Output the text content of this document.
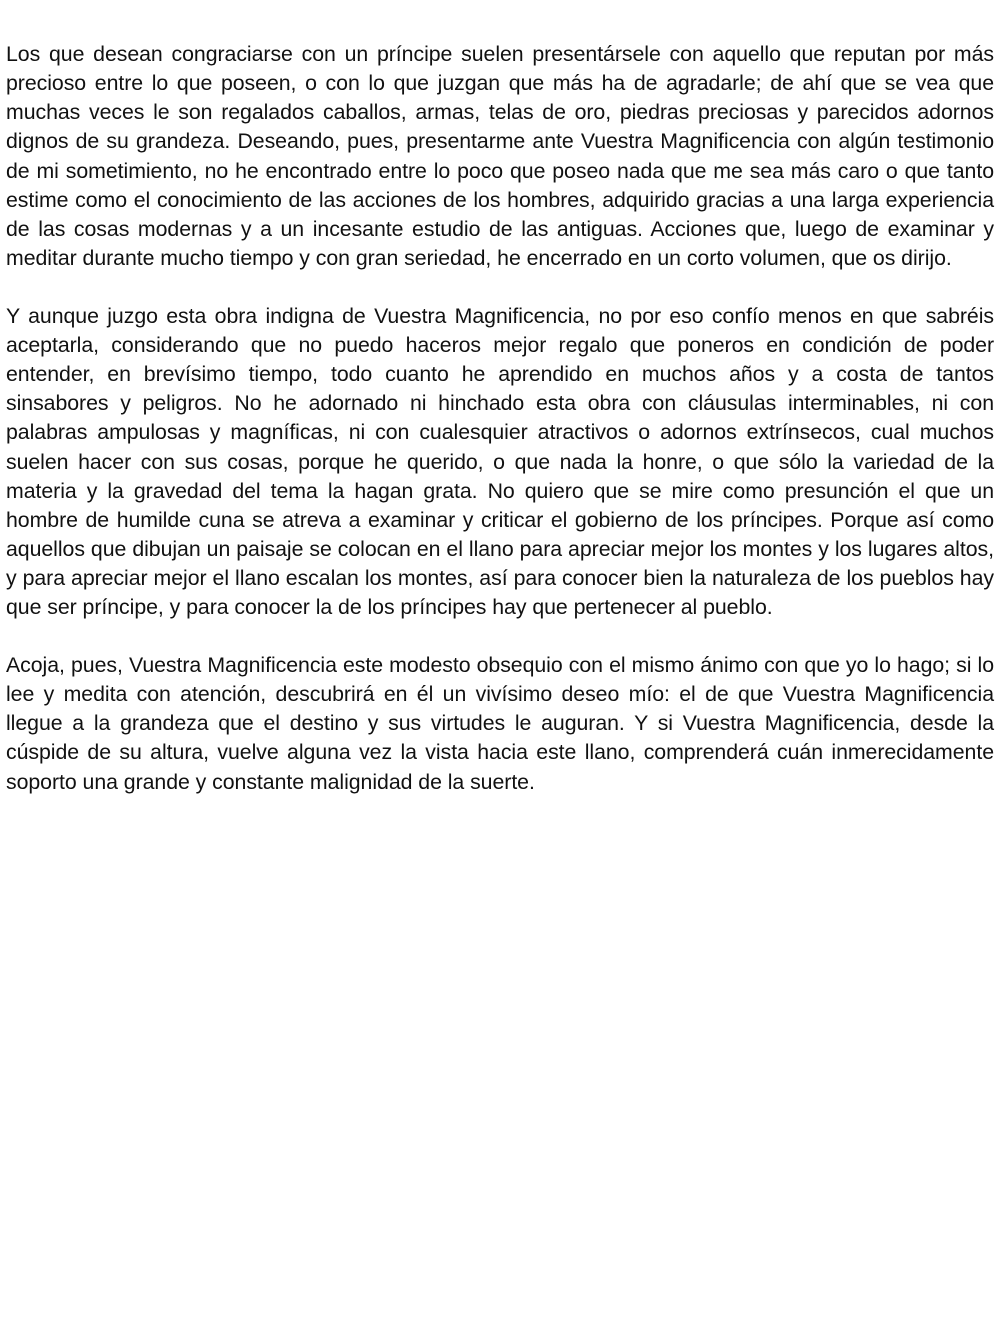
Los que desean congraciarse con un príncipe suelen presentársele con aquello que reputan por más precioso entre lo que poseen, o con lo que juzgan que más ha de agradarle; de ahí que se vea que muchas veces le son regalados caballos, armas, telas de oro, piedras preciosas y parecidos adornos dignos de su grandeza. Deseando, pues, presentarme ante Vuestra Magnificencia con algún testimonio de mi sometimiento, no he encontrado entre lo poco que poseo nada que me sea más caro o que tanto estime como el conocimiento de las acciones de los hombres, adquirido gracias a una larga experiencia de las cosas modernas y a un incesante estudio de las antiguas. Acciones que, luego de examinar y meditar durante mucho tiempo y con gran seriedad, he encerrado en un corto volumen, que os dirijo.

Y aunque juzgo esta obra indigna de Vuestra Magnificencia, no por eso confío menos en que sabréis aceptarla, considerando que no puedo haceros mejor regalo que poneros en condición de poder entender, en brevísimo tiempo, todo cuanto he aprendido en muchos años y a costa de tantos sinsabores y peligros. No he adornado ni hinchado esta obra con cláusulas interminables, ni con palabras ampulosas y magníficas, ni con cualesquier atractivos o adornos extrínsecos, cual muchos suelen hacer con sus cosas, porque he querido, o que nada la honre, o que sólo la variedad de la materia y la gravedad del tema la hagan grata. No quiero que se mire como presunción el que un hombre de humilde cuna se atreva a examinar y criticar el gobierno de los príncipes. Porque así como aquellos que dibujan un paisaje se colocan en el llano para apreciar mejor los montes y los lugares altos, y para apreciar mejor el llano escalan los montes, así para conocer bien la naturaleza de los pueblos hay que ser príncipe, y para conocer la de los príncipes hay que pertenecer al pueblo.

Acoja, pues, Vuestra Magnificencia este modesto obsequio con el mismo ánimo con que yo lo hago; si lo lee y medita con atención, descubrirá en él un vivísimo deseo mío: el de que Vuestra Magnificencia llegue a la grandeza que el destino y sus virtudes le auguran. Y si Vuestra Magnificencia, desde la cúspide de su altura, vuelve alguna vez la vista hacia este llano, comprenderá cuán inmerecidamente soporto una grande y constante malignidad de la suerte.
